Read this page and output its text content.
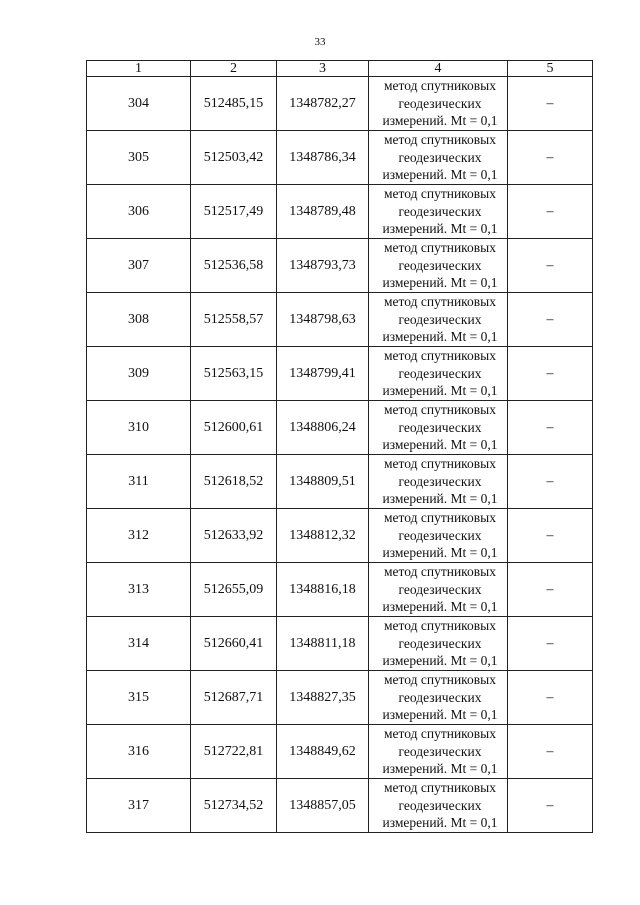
33
1	2	3	4	5
304	512485,15	1348782,27	метод спутниковых
геодезических
измерений. Mt = 0,1	–
305	512503,42	1348786,34	метод спутниковых
геодезических
измерений. Mt = 0,1	–
306	512517,49	1348789,48	метод спутниковых
геодезических
измерений. Mt = 0,1	–
307	512536,58	1348793,73	метод спутниковых
геодезических
измерений. Mt = 0,1	–
308	512558,57	1348798,63	метод спутниковых
геодезических
измерений. Mt = 0,1	–
309	512563,15	1348799,41	метод спутниковых
геодезических
измерений. Mt = 0,1	–
310	512600,61	1348806,24	метод спутниковых
геодезических
измерений. Mt = 0,1	–
311	512618,52	1348809,51	метод спутниковых
геодезических
измерений. Mt = 0,1	–
312	512633,92	1348812,32	метод спутниковых
геодезических
измерений. Mt = 0,1	–
313	512655,09	1348816,18	метод спутниковых
геодезических
измерений. Mt = 0,1	–
314	512660,41	1348811,18	метод спутниковых
геодезических
измерений. Mt = 0,1	–
315	512687,71	1348827,35	метод спутниковых
геодезических
измерений. Mt = 0,1	–
316	512722,81	1348849,62	метод спутниковых
геодезических
измерений. Mt = 0,1	–
317	512734,52	1348857,05	метод спутниковых
геодезических
измерений. Mt = 0,1	–
